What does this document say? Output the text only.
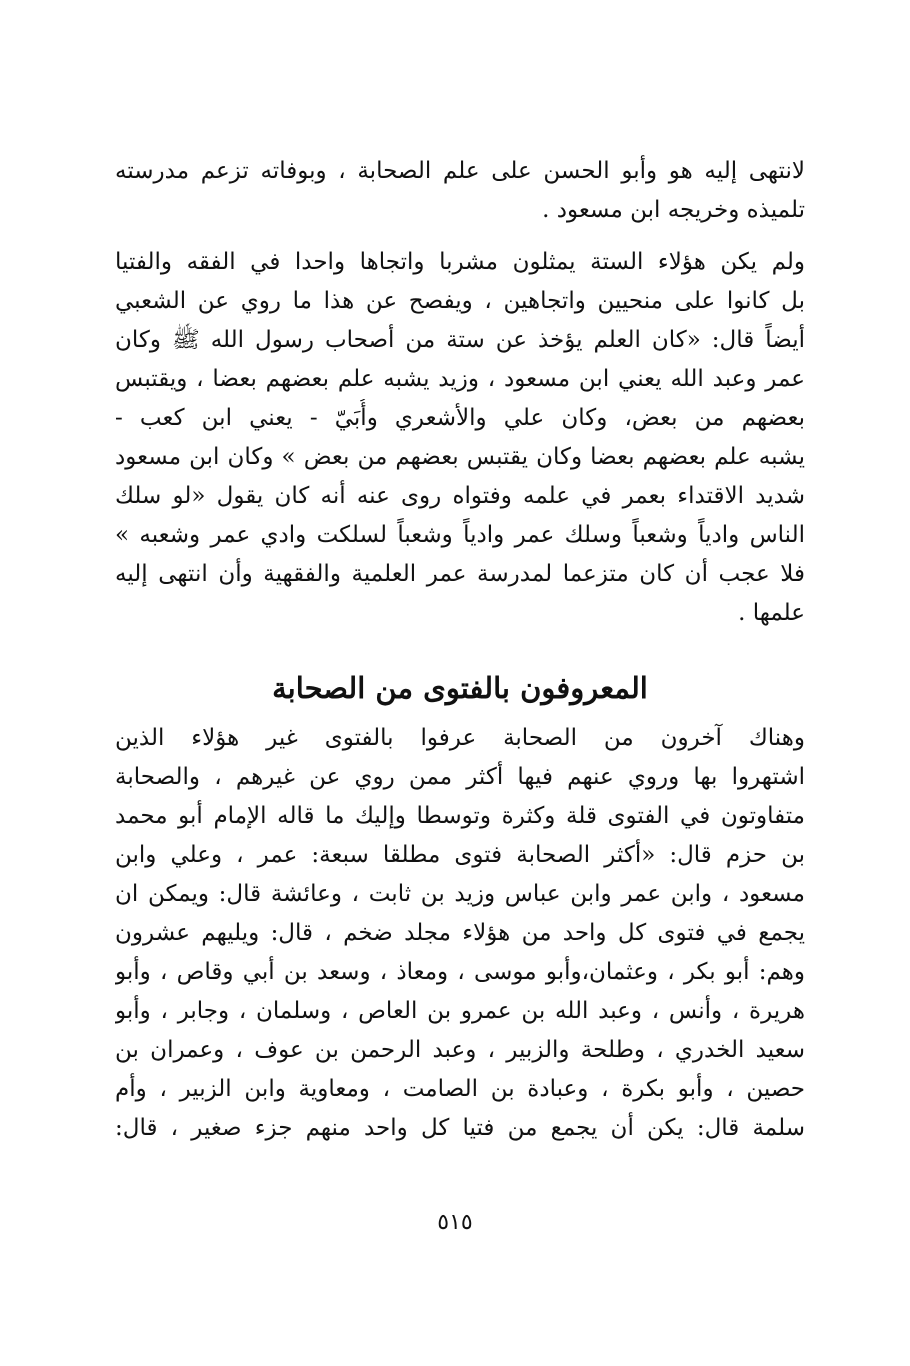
لانتهى إليه هو وأبو الحسن على علم الصحابة ، وبوفاته تزعم مدرسته
تلميذه وخريجه ابن مسعود .
ولم يكن هؤلاء الستة يمثلون مشربا واتجاها واحدا في الفقه والفتيا
بل كانوا على منحيين واتجاهين ، ويفصح عن هذا ما روي عن الشعبي
أيضاً قال: «كان العلم يؤخذ عن ستة من أصحاب رسول الله ﷺ وكان
عمر وعبد الله يعني ابن مسعود ، وزيد يشبه علم بعضهم بعضا ، ويقتبس
بعضهم من بعض، وكان علي والأشعري وأُبَيّ - يعني ابن كعب -
يشبه علم بعضهم بعضا وكان يقتبس بعضهم من بعض » وكان ابن مسعود
شديد الاقتداء بعمر في علمه وفتواه روى عنه أنه كان يقول «لو سلك
الناس وادياً وشعباً وسلك عمر وادياً وشعباً لسلكت وادي عمر وشعبه »
فلا عجب أن كان متزعما لمدرسة عمر العلمية والفقهية وأن انتهى إليه
علمها .
المعروفون بالفتوى من الصحابة
وهناك آخرون من الصحابة عرفوا بالفتوى غير هؤلاء الذين
اشتهروا بها وروي عنهم فيها أكثر ممن روي عن غيرهم ، والصحابة
متفاوتون في الفتوى قلة وكثرة وتوسطا وإليك ما قاله الإمام أبو محمد
بن حزم قال: «أكثر الصحابة فتوى مطلقا سبعة: عمر ، وعلي وابن
مسعود ، وابن عمر وابن عباس وزيد بن ثابت ، وعائشة قال: ويمكن ان
يجمع في فتوى كل واحد من هؤلاء مجلد ضخم ، قال: ويليهم عشرون
وهم: أبو بكر ، وعثمان،وأبو موسى ، ومعاذ ، وسعد بن أبي وقاص ، وأبو
هريرة ، وأنس ، وعبد الله بن عمرو بن العاص ، وسلمان ، وجابر ، وأبو
سعيد الخدري ، وطلحة والزبير ، وعبد الرحمن بن عوف ، وعمران بن
حصين ، وأبو بكرة ، وعبادة بن الصامت ، ومعاوية وابن الزبير ، وأم
سلمة قال: يكن أن يجمع من فتيا كل واحد منهم جزء صغير ، قال:
٥١٥
